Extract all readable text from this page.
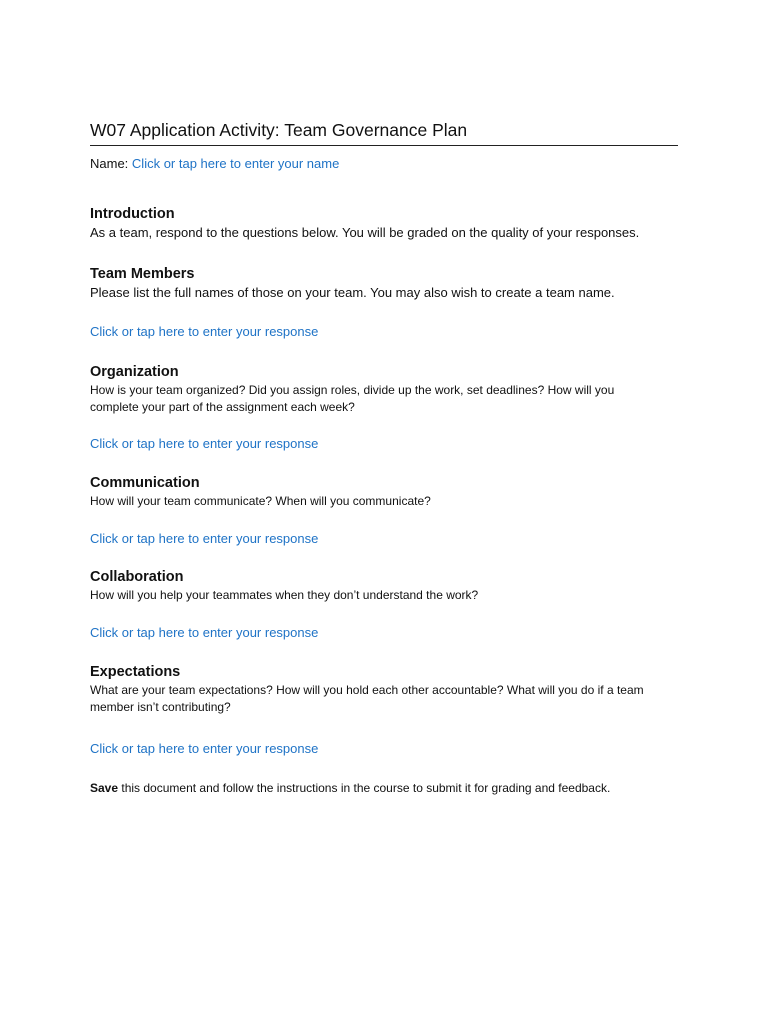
W07 Application Activity: Team Governance Plan
Name: Click or tap here to enter your name
Introduction

As a team, respond to the questions below. You will be graded on the quality of your responses.

Team Members

Please list the full names of those on your team. You may also wish to create a team name.

Click or tap here to enter your response
Organization

How is your team organized? Did you assign roles, divide up the work, set deadlines? How will you complete your part of the assignment each week?

Click or tap here to enter your response
Communication

How will your team communicate? When will you communicate?

Click or tap here to enter your response
Collaboration

How will you help your teammates when they don’t understand the work?

Click or tap here to enter your response
Expectations

What are your team expectations? How will you hold each other accountable? What will you do if a team member isn’t contributing?

Click or tap here to enter your response

Save this document and follow the instructions in the course to submit it for grading and feedback.
